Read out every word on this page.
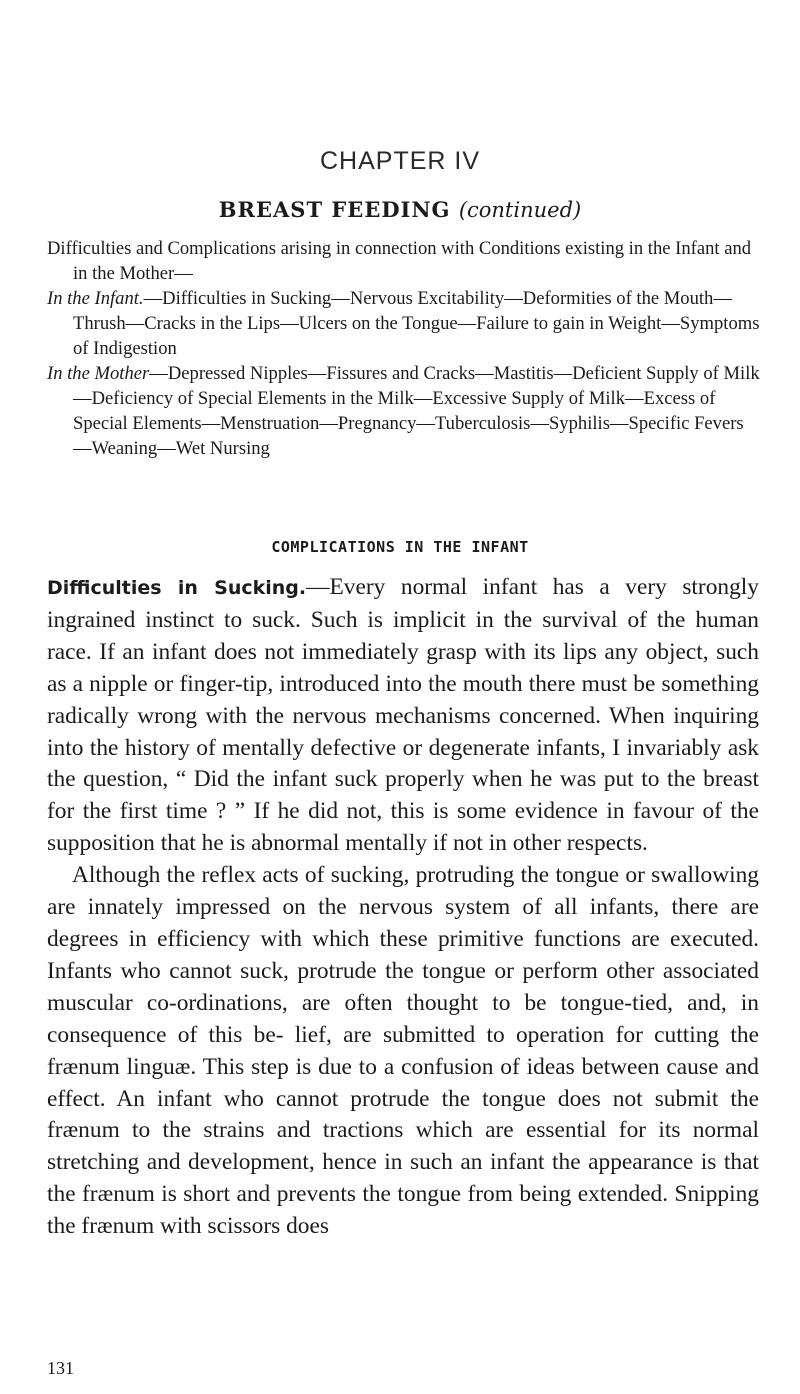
CHAPTER IV
BREAST FEEDING (continued)

Difficulties and Complications arising in connection with Conditions existing in the Infant and in the Mother—

In the Infant.—Difficulties in Sucking—Nervous Excitability—Deformities of the Mouth—Thrush—Cracks in the Lips—Ulcers on the Tongue—Failure to gain in Weight—Symptoms of Indigestion

In the Mother—Depressed Nipples—Fissures and Cracks—Mastitis—Deficient Supply of Milk—Deficiency of Special Elements in the Milk—Excessive Supply of Milk—Excess of Special Elements—Menstruation—Pregnancy—Tuberculosis—Syphilis—Specific Fevers—Weaning—Wet Nursing

COMPLICATIONS IN THE INFANT

Difficulties in Sucking.—Every normal infant has a very strongly ingrained instinct to suck. Such is implicit in the survival of the human race. If an infant does not immediately grasp with its lips any object, such as a nipple or finger-tip, introduced into the mouth there must be something radically wrong with the nervous mechanisms concerned. When inquiring into the history of mentally defective or degenerate infants, I invariably ask the question, “ Did the infant suck properly when he was put to the breast for the first time ? ” If he did not, this is some evidence in favour of the supposition that he is abnormal mentally if not in other respects.

Although the reflex acts of sucking, protruding the tongue or swallowing are innately impressed on the nervous system of all infants, there are degrees in efficiency with which these primitive functions are executed. Infants who cannot suck, protrude the tongue or perform other associated muscular co-ordinations, are often thought to be tongue-tied, and, in consequence of this be- lief, are submitted to operation for cutting the frænum linguæ. This step is due to a confusion of ideas between cause and effect. An infant who cannot protrude the tongue does not submit the frænum to the strains and tractions which are essential for its normal stretching and development, hence in such an infant the appearance is that the frænum is short and prevents the tongue from being extended. Snipping the frænum with scissors does

131
